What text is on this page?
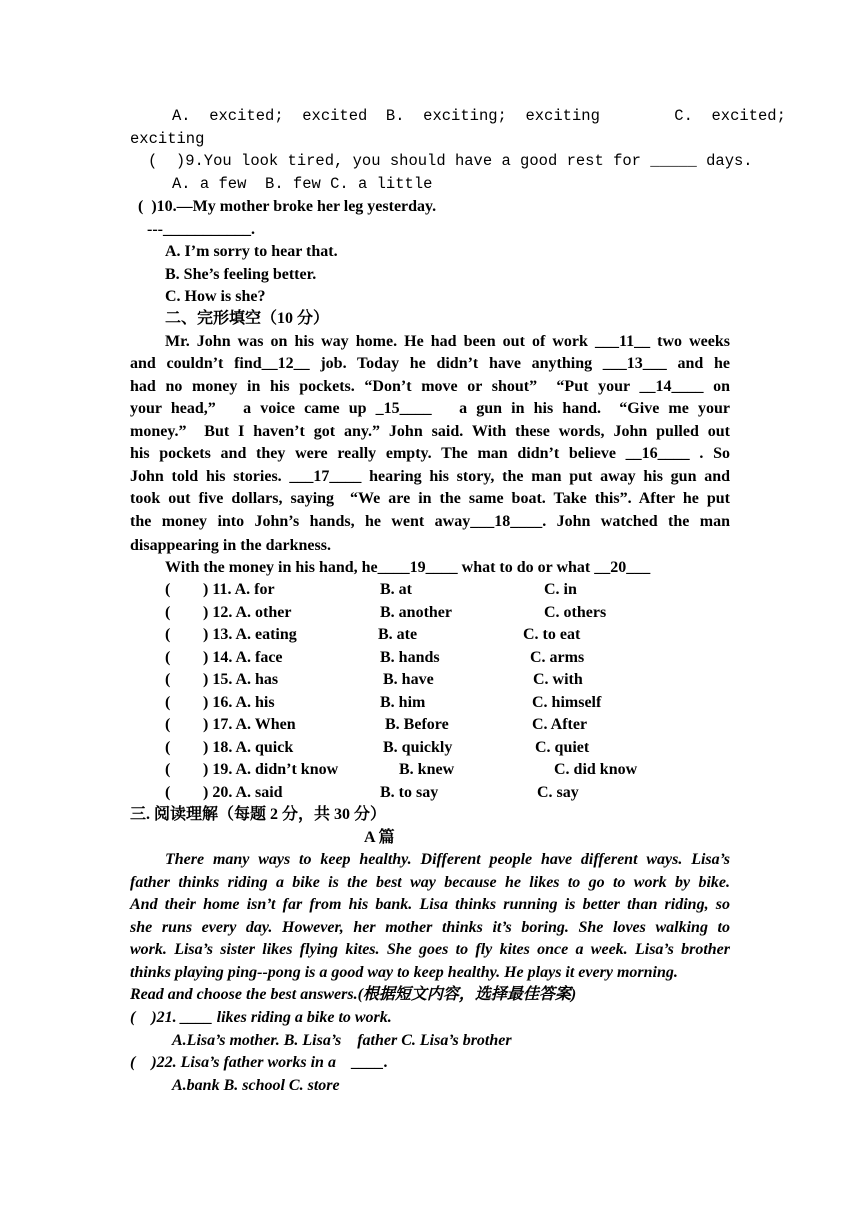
A.  excited;  excited  B.  exciting;  exciting        C.  excited;
exciting
(  )9.You look tired, you should have a good rest for _____ days.
A. a few  B. few C. a little
(  )10.—My mother broke her leg yesterday.
---___________.
A. I’m sorry to hear that.
B. She’s feeling better.
C. How is she?
二、完形填空（10 分）
Mr. John was on his way home. He had been out of work ___11__ two weeks
and couldn’t find__12__ job. Today he didn’t have anything ___13___ and he
had no money in his pockets. “Don’t move or shout”  “Put your __14____ on
your head,”   a voice came up _15____   a gun in his hand.  “Give me your
money.”  But I haven’t got any.” John said. With these words, John pulled out
his pockets and they were really empty. The man didn’t believe __16____ . So
John told his stories. ___17____ hearing his story, the man put away his gun and
took out five dollars, saying  “We are in the same boat. Take this”. After he put
the money into John’s hands, he went away___18____. John watched the man
disappearing in the darkness.
With the money in his hand, he____19____ what to do or what __20___
( ) 11. A. for	B. at	C. in
( ) 12. A. other	B. another	C. others
( ) 13. A. eating	B. ate	C. to eat
( ) 14. A. face	B. hands	C. arms
( ) 15. A. has	B. have	C. with
( ) 16. A. his	B. him	C. himself
( ) 17. A. When	B. Before	C. After
( ) 18. A. quick	B. quickly	C. quiet
( ) 19. A. didn’t know	B. knew	C. did know
( ) 20. A. said	B. to say	C. say
三. 阅读理解（每题 2 分，共 30 分）
A 篇
There many ways to keep healthy. Different people have different ways. Lisa’s
father thinks riding a bike is the best way because he likes to go to work by bike.
And their home isn’t far from his bank. Lisa thinks running is better than riding, so
she runs every day. However, her mother thinks it’s boring. She loves walking to
work. Lisa’s sister likes flying kites. She goes to fly kites once a week. Lisa’s brother
thinks playing ping--pong is a good way to keep healthy. He plays it every morning.
Read and choose the best answers.(根据短文内容，选择最佳答案)
(    )21. ____ likes riding a bike to work.
A.Lisa’s mother. B. Lisa’s    father C. Lisa’s brother
(    )22. Lisa’s father works in a    ____.
A.bank B. school C. store
